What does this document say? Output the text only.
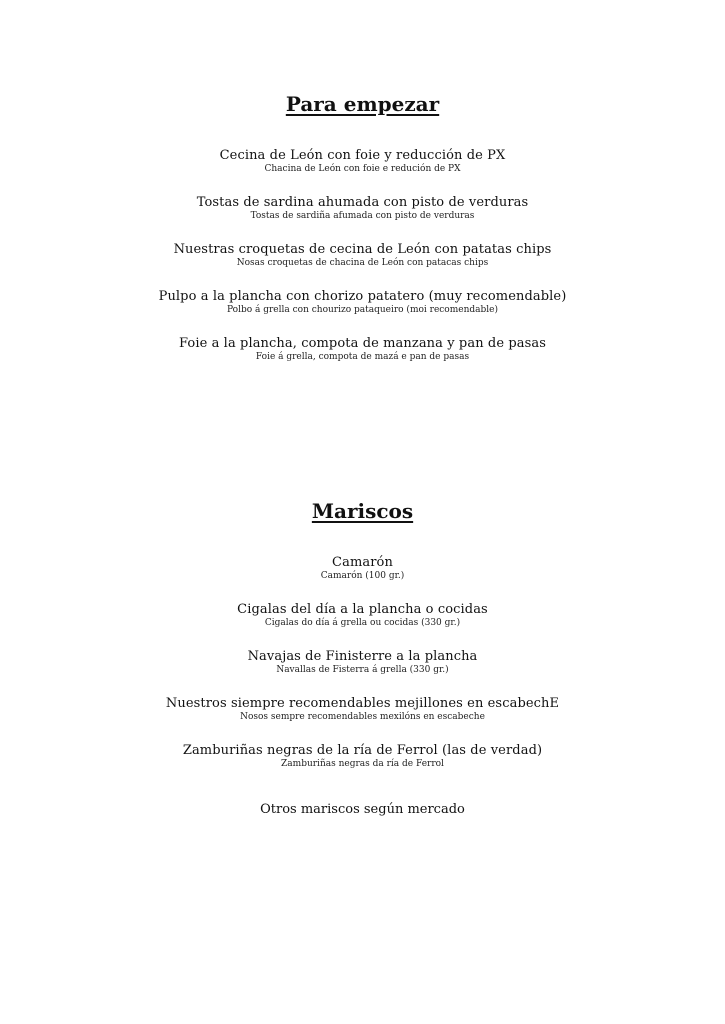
Para empezar
Cecina de León con foie y reducción de PX
Chacina de León con foie e redución de PX
Tostas de sardina ahumada con pisto de verduras
Tostas de sardiña afumada con pisto de verduras
Nuestras croquetas de cecina de León con patatas chips
Nosas croquetas de chacina de León con patacas chips
Pulpo a la plancha con chorizo patatero (muy recomendable)
Polbo á grella con chourizo pataqueiro (moi recomendable)
Foie a la plancha, compota de manzana y pan de pasas
Foie á grella, compota de mazá e pan de pasas
Mariscos
Camarón
Camarón (100 gr.)
Cigalas del día a la plancha o cocidas
Cigalas do día á grella ou cocidas (330 gr.)
Navajas de Finisterre a la plancha
Navallas de Fisterra á grella (330 gr.)
Nuestros siempre recomendables mejillones en escabechE
Nosos sempre recomendables mexilóns en escabeche
Zamburiñas negras de la ría de Ferrol (las de verdad)
Zamburiñas negras da ría de Ferrol
Otros mariscos según mercado
